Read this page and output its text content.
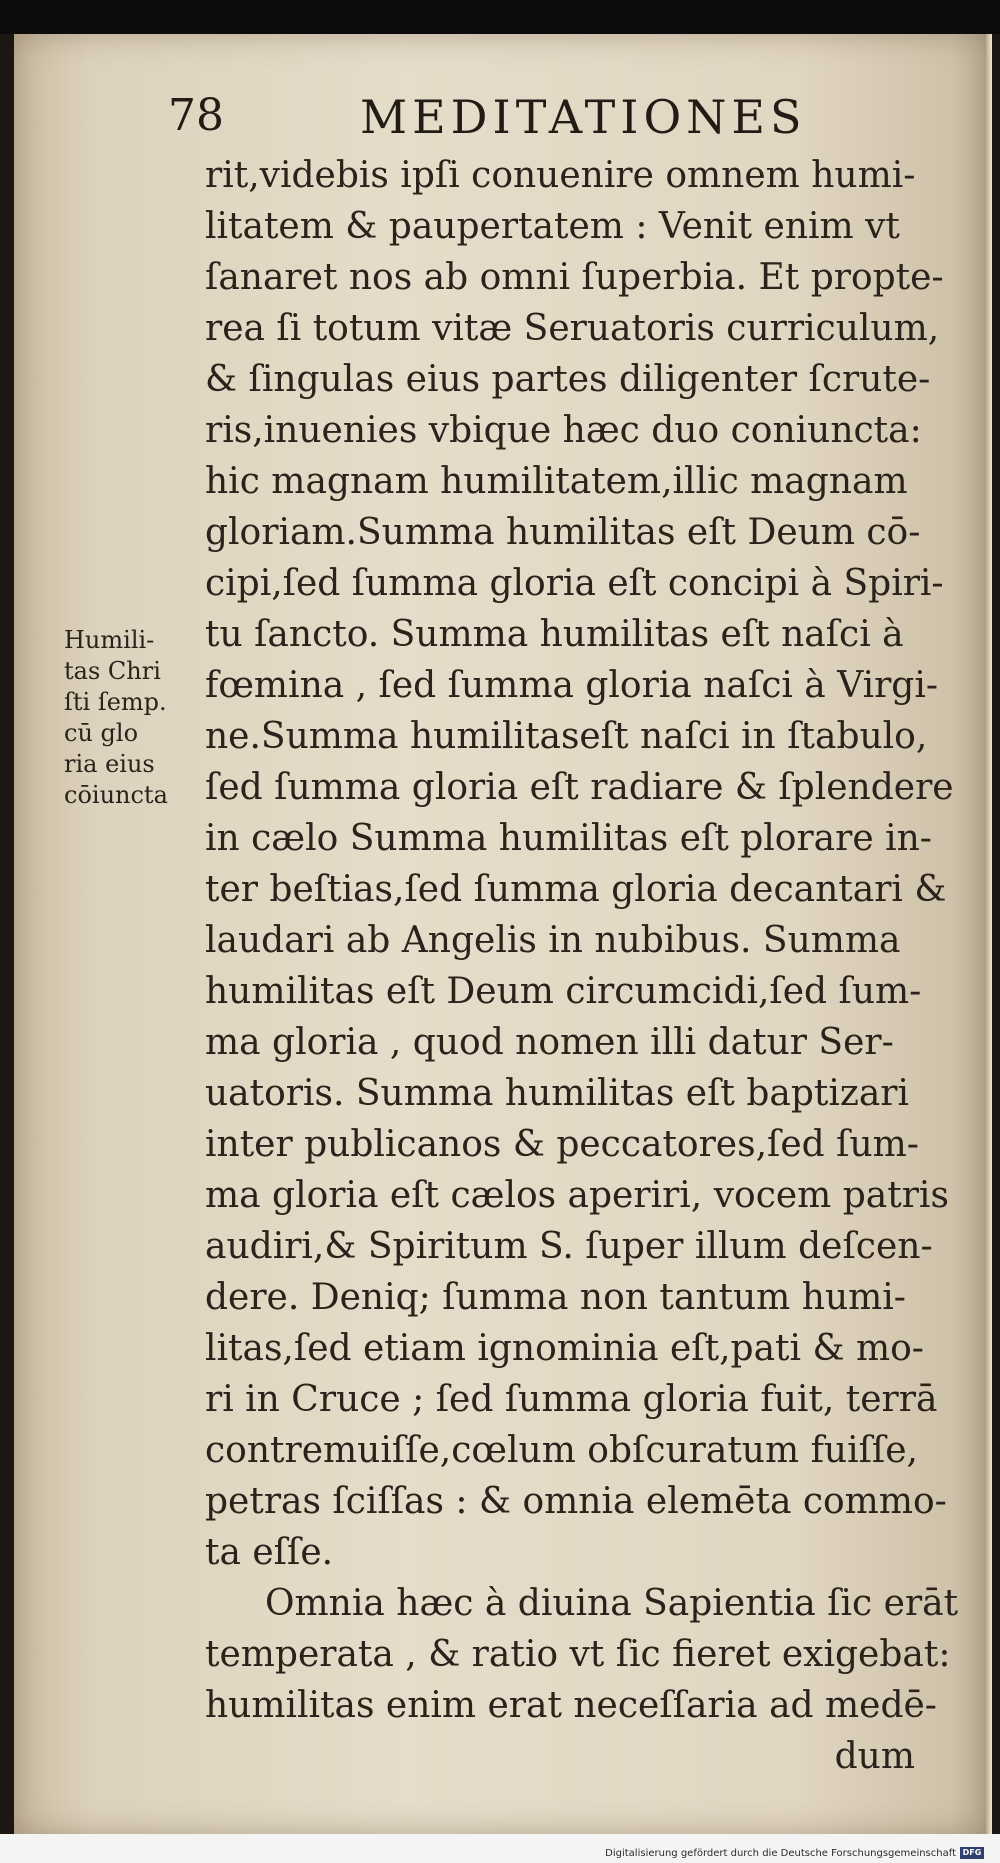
78	MEDITATIONES
Humili-
tas Chri
ſti ſemp.
cū glo
ria eius
cōiuncta
rit,videbis ipſi conuenire omnem humi-
litatem & paupertatem : Venit enim vt
ſanaret nos ab omni ſuperbia. Et propte-
rea ſi totum vitæ Seruatoris curriculum,
& ſingulas eius partes diligenter ſcrute-
ris,inuenies vbique hæc duo coniuncta:
hic magnam humilitatem,illic magnam
gloriam.Summa humilitas eſt Deum cō-
cipi,ſed ſumma gloria eſt concipi à Spiri-
tu ſancto. Summa humilitas eſt naſci à
fœmina , ſed ſumma gloria naſci à Virgi-
ne.Summa humilitaseſt naſci in ſtabulo,
ſed ſumma gloria eſt radiare & ſplendere
in cælo Summa humilitas eſt plorare in-
ter beſtias,ſed ſumma gloria decantari &
laudari ab Angelis in nubibus. Summa
humilitas eſt Deum circumcidi,ſed ſum-
ma gloria , quod nomen illi datur Ser-
uatoris. Summa humilitas eſt baptizari
inter publicanos & peccatores,ſed ſum-
ma gloria eſt cælos aperiri, vocem patris
audiri,& Spiritum S. ſuper illum deſcen-
dere. Deniq; ſumma non tantum humi-
litas,ſed etiam ignominia eſt,pati & mo-
ri in Cruce ; ſed ſumma gloria fuit, terrā
contremuiſſe,cœlum obſcuratum fuiſſe,
petras ſciſſas : & omnia elemēta commo-
ta eſſe.
Omnia hæc à diuina Sapientia ſic erāt
temperata , & ratio vt ſic fieret exigebat:
humilitas enim erat neceſſaria ad medē-
dum
Digitalisierung gefördert durch die Deutsche Forschungsgemeinschaft DFG
